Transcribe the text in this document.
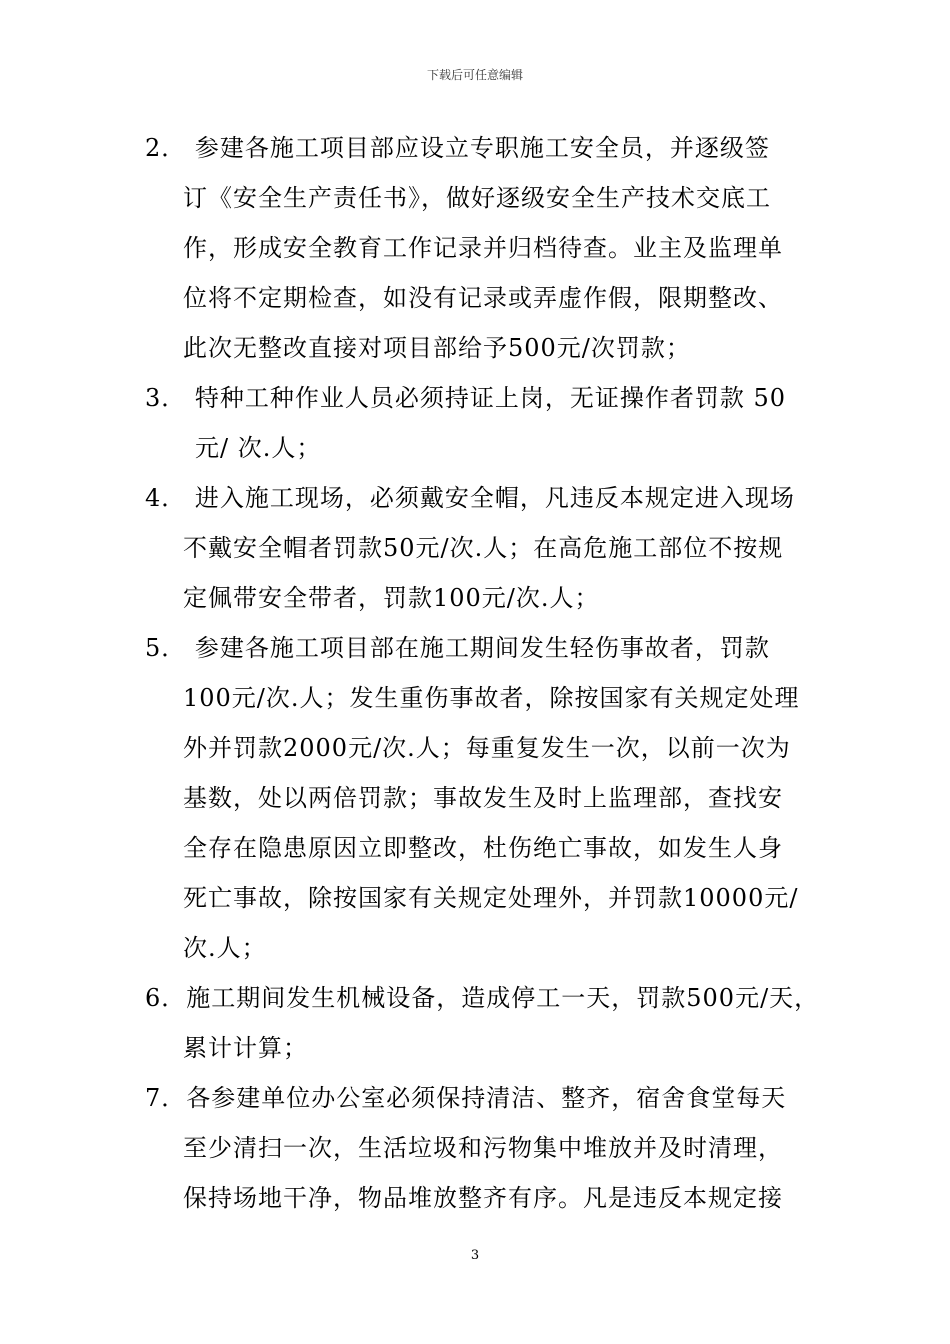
下载后可任意编辑
2． 参建各施工项目部应设立专职施工安全员，并逐级签
订《安全生产责任书》，做好逐级安全生产技术交底工
作，形成安全教育工作记录并归档待查。业主及监理单
位将不定期检查，如没有记录或弄虚作假，限期整改、
此次无整改直接对项目部给予500元/次罚款；
3． 特种工种作业人员必须持证上岗，无证操作者罚款 50
元/ 次.人；
4． 进入施工现场，必须戴安全帽，凡违反本规定进入现场
不戴安全帽者罚款50元/次.人；在高危施工部位不按规
定佩带安全带者，罚款100元/次.人；
5． 参建各施工项目部在施工期间发生轻伤事故者，罚款
100元/次.人；发生重伤事故者，除按国家有关规定处理
外并罚款2000元/次.人；每重复发生一次，以前一次为
基数，处以两倍罚款；事故发生及时上监理部，查找安
全存在隐患原因立即整改，杜伤绝亡事故，如发生人身
死亡事故，除按国家有关规定处理外，并罚款10000元/
次.人；
6．施工期间发生机械设备，造成停工一天，罚款500元/天，
累计计算；
7．各参建单位办公室必须保持清洁、整齐，宿舍食堂每天
至少清扫一次，生活垃圾和污物集中堆放并及时清理，
保持场地干净，物品堆放整齐有序。凡是违反本规定接
3
